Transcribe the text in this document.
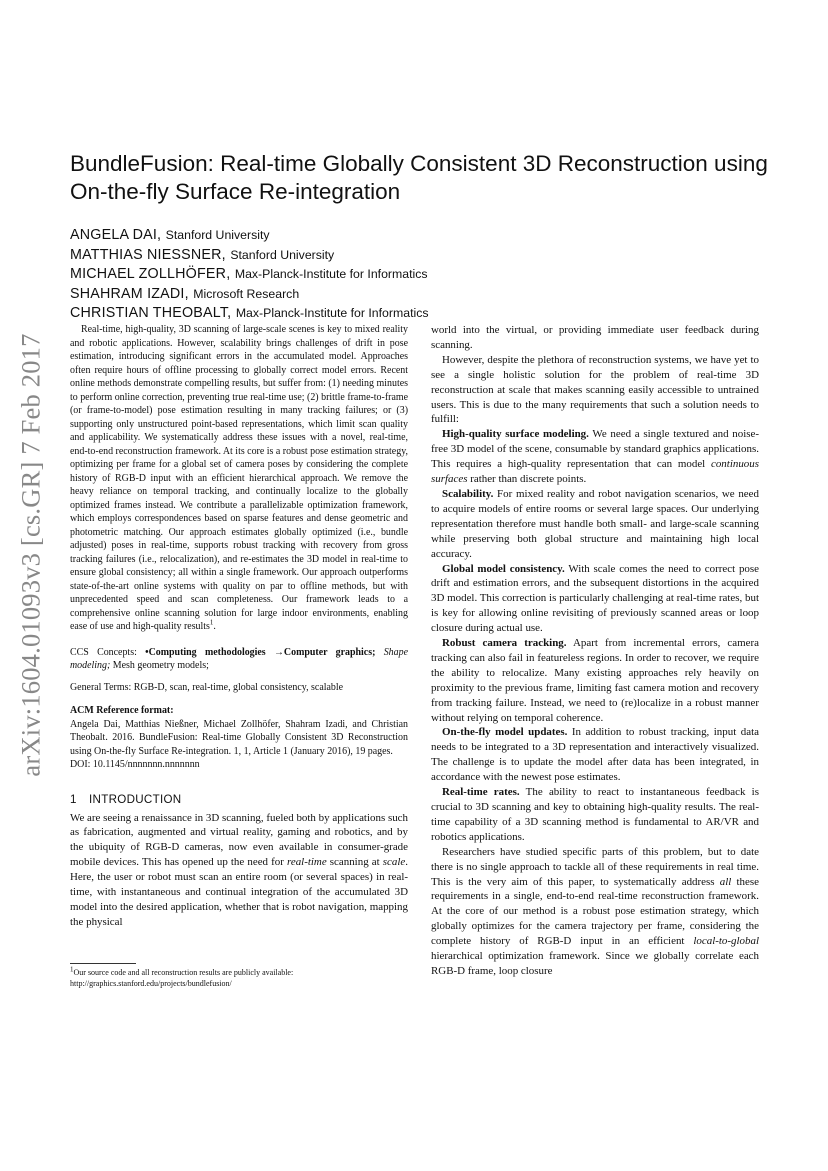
arXiv:1604.01093v3 [cs.GR] 7 Feb 2017
BundleFusion: Real-time Globally Consistent 3D Reconstruction using On-the-fly Surface Re-integration
ANGELA DAI, Stanford University
MATTHIAS NIESSNER, Stanford University
MICHAEL ZOLLHÖFER, Max-Planck-Institute for Informatics
SHAHRAM IZADI, Microsoft Research
CHRISTIAN THEOBALT, Max-Planck-Institute for Informatics

Real-time, high-quality, 3D scanning of large-scale scenes is key to mixed reality and robotic applications. However, scalability brings challenges of drift in pose estimation, introducing significant errors in the accumulated model. Approaches often require hours of offline processing to globally correct model errors. Recent online methods demonstrate compelling results, but suffer from: (1) needing minutes to perform online correction, preventing true real-time use; (2) brittle frame-to-frame (or frame-to-model) pose estimation resulting in many tracking failures; or (3) supporting only unstructured point-based representations, which limit scan quality and applicability. We systematically address these issues with a novel, real-time, end-to-end reconstruction framework. At its core is a robust pose estimation strategy, optimizing per frame for a global set of camera poses by considering the complete history of RGB-D input with an efficient hierarchical approach. We remove the heavy reliance on temporal tracking, and continually localize to the globally optimized frames instead. We contribute a parallelizable optimization framework, which employs correspondences based on sparse features and dense geometric and photometric matching. Our approach estimates globally optimized (i.e., bundle adjusted) poses in real-time, supports robust tracking with recovery from gross tracking failures (i.e., relocalization), and re-estimates the 3D model in real-time to ensure global consistency; all within a single framework. Our approach outperforms state-of-the-art online systems with quality on par to offline methods, but with unprecedented speed and scan completeness. Our framework leads to a comprehensive online scanning solution for large indoor environments, enabling ease of use and high-quality results$^1$.

CCS Concepts: •Computing methodologies →Computer graphics; Shape modeling; Mesh geometry models;

General Terms: RGB-D, scan, real-time, global consistency, scalable

ACM Reference format:

Angela Dai, Matthias Nießner, Michael Zollhöfer, Shahram Izadi, and Christian Theobalt. 2016. BundleFusion: Real-time Globally Consistent 3D Reconstruction using On-the-fly Surface Re-integration. 1, 1, Article 1 (January 2016), 19 pages.

DOI: 10.1145/nnnnnnn.nnnnnnn

1 INTRODUCTION

We are seeing a renaissance in 3D scanning, fueled both by applications such as fabrication, augmented and virtual reality, gaming and robotics, and by the ubiquity of RGB-D cameras, now even available in consumer-grade mobile devices. This has opened up the need for real-time scanning at scale. Here, the user or robot must scan an entire room (or several spaces) in real-time, with instantaneous and continual integration of the accumulated 3D model into the desired application, whether that is robot navigation, mapping the physical

$^1$Our source code and all reconstruction results are publicly available:

http://graphics.stanford.edu/projects/bundlefusion/

world into the virtual, or providing immediate user feedback during scanning.

However, despite the plethora of reconstruction systems, we have yet to see a single holistic solution for the problem of real-time 3D reconstruction at scale that makes scanning easily accessible to untrained users. This is due to the many requirements that such a solution needs to fulfill:

High-quality surface modeling. We need a single textured and noise-free 3D model of the scene, consumable by standard graphics applications. This requires a high-quality representation that can model continuous surfaces rather than discrete points.

Scalability. For mixed reality and robot navigation scenarios, we need to acquire models of entire rooms or several large spaces. Our underlying representation therefore must handle both small- and large-scale scanning while preserving both global structure and maintaining high local accuracy.

Global model consistency. With scale comes the need to correct pose drift and estimation errors, and the subsequent distortions in the acquired 3D model. This correction is particularly challenging at real-time rates, but is key for allowing online revisiting of previously scanned areas or loop closure during actual use.

Robust camera tracking. Apart from incremental errors, camera tracking can also fail in featureless regions. In order to recover, we require the ability to relocalize. Many existing approaches rely heavily on proximity to the previous frame, limiting fast camera motion and recovery from tracking failure. Instead, we need to (re)localize in a robust manner without relying on temporal coherence.

On-the-fly model updates. In addition to robust tracking, input data needs to be integrated to a 3D representation and interactively visualized. The challenge is to update the model after data has been integrated, in accordance with the newest pose estimates.

Real-time rates. The ability to react to instantaneous feedback is crucial to 3D scanning and key to obtaining high-quality results. The real-time capability of a 3D scanning method is fundamental to AR/VR and robotics applications.

Researchers have studied specific parts of this problem, but to date there is no single approach to tackle all of these requirements in real time. This is the very aim of this paper, to systematically address all these requirements in a single, end-to-end real-time reconstruction framework. At the core of our method is a robust pose estimation strategy, which globally optimizes for the camera trajectory per frame, considering the complete history of RGB-D input in an efficient local-to-global hierarchical optimization framework. Since we globally correlate each RGB-D frame, loop closure
